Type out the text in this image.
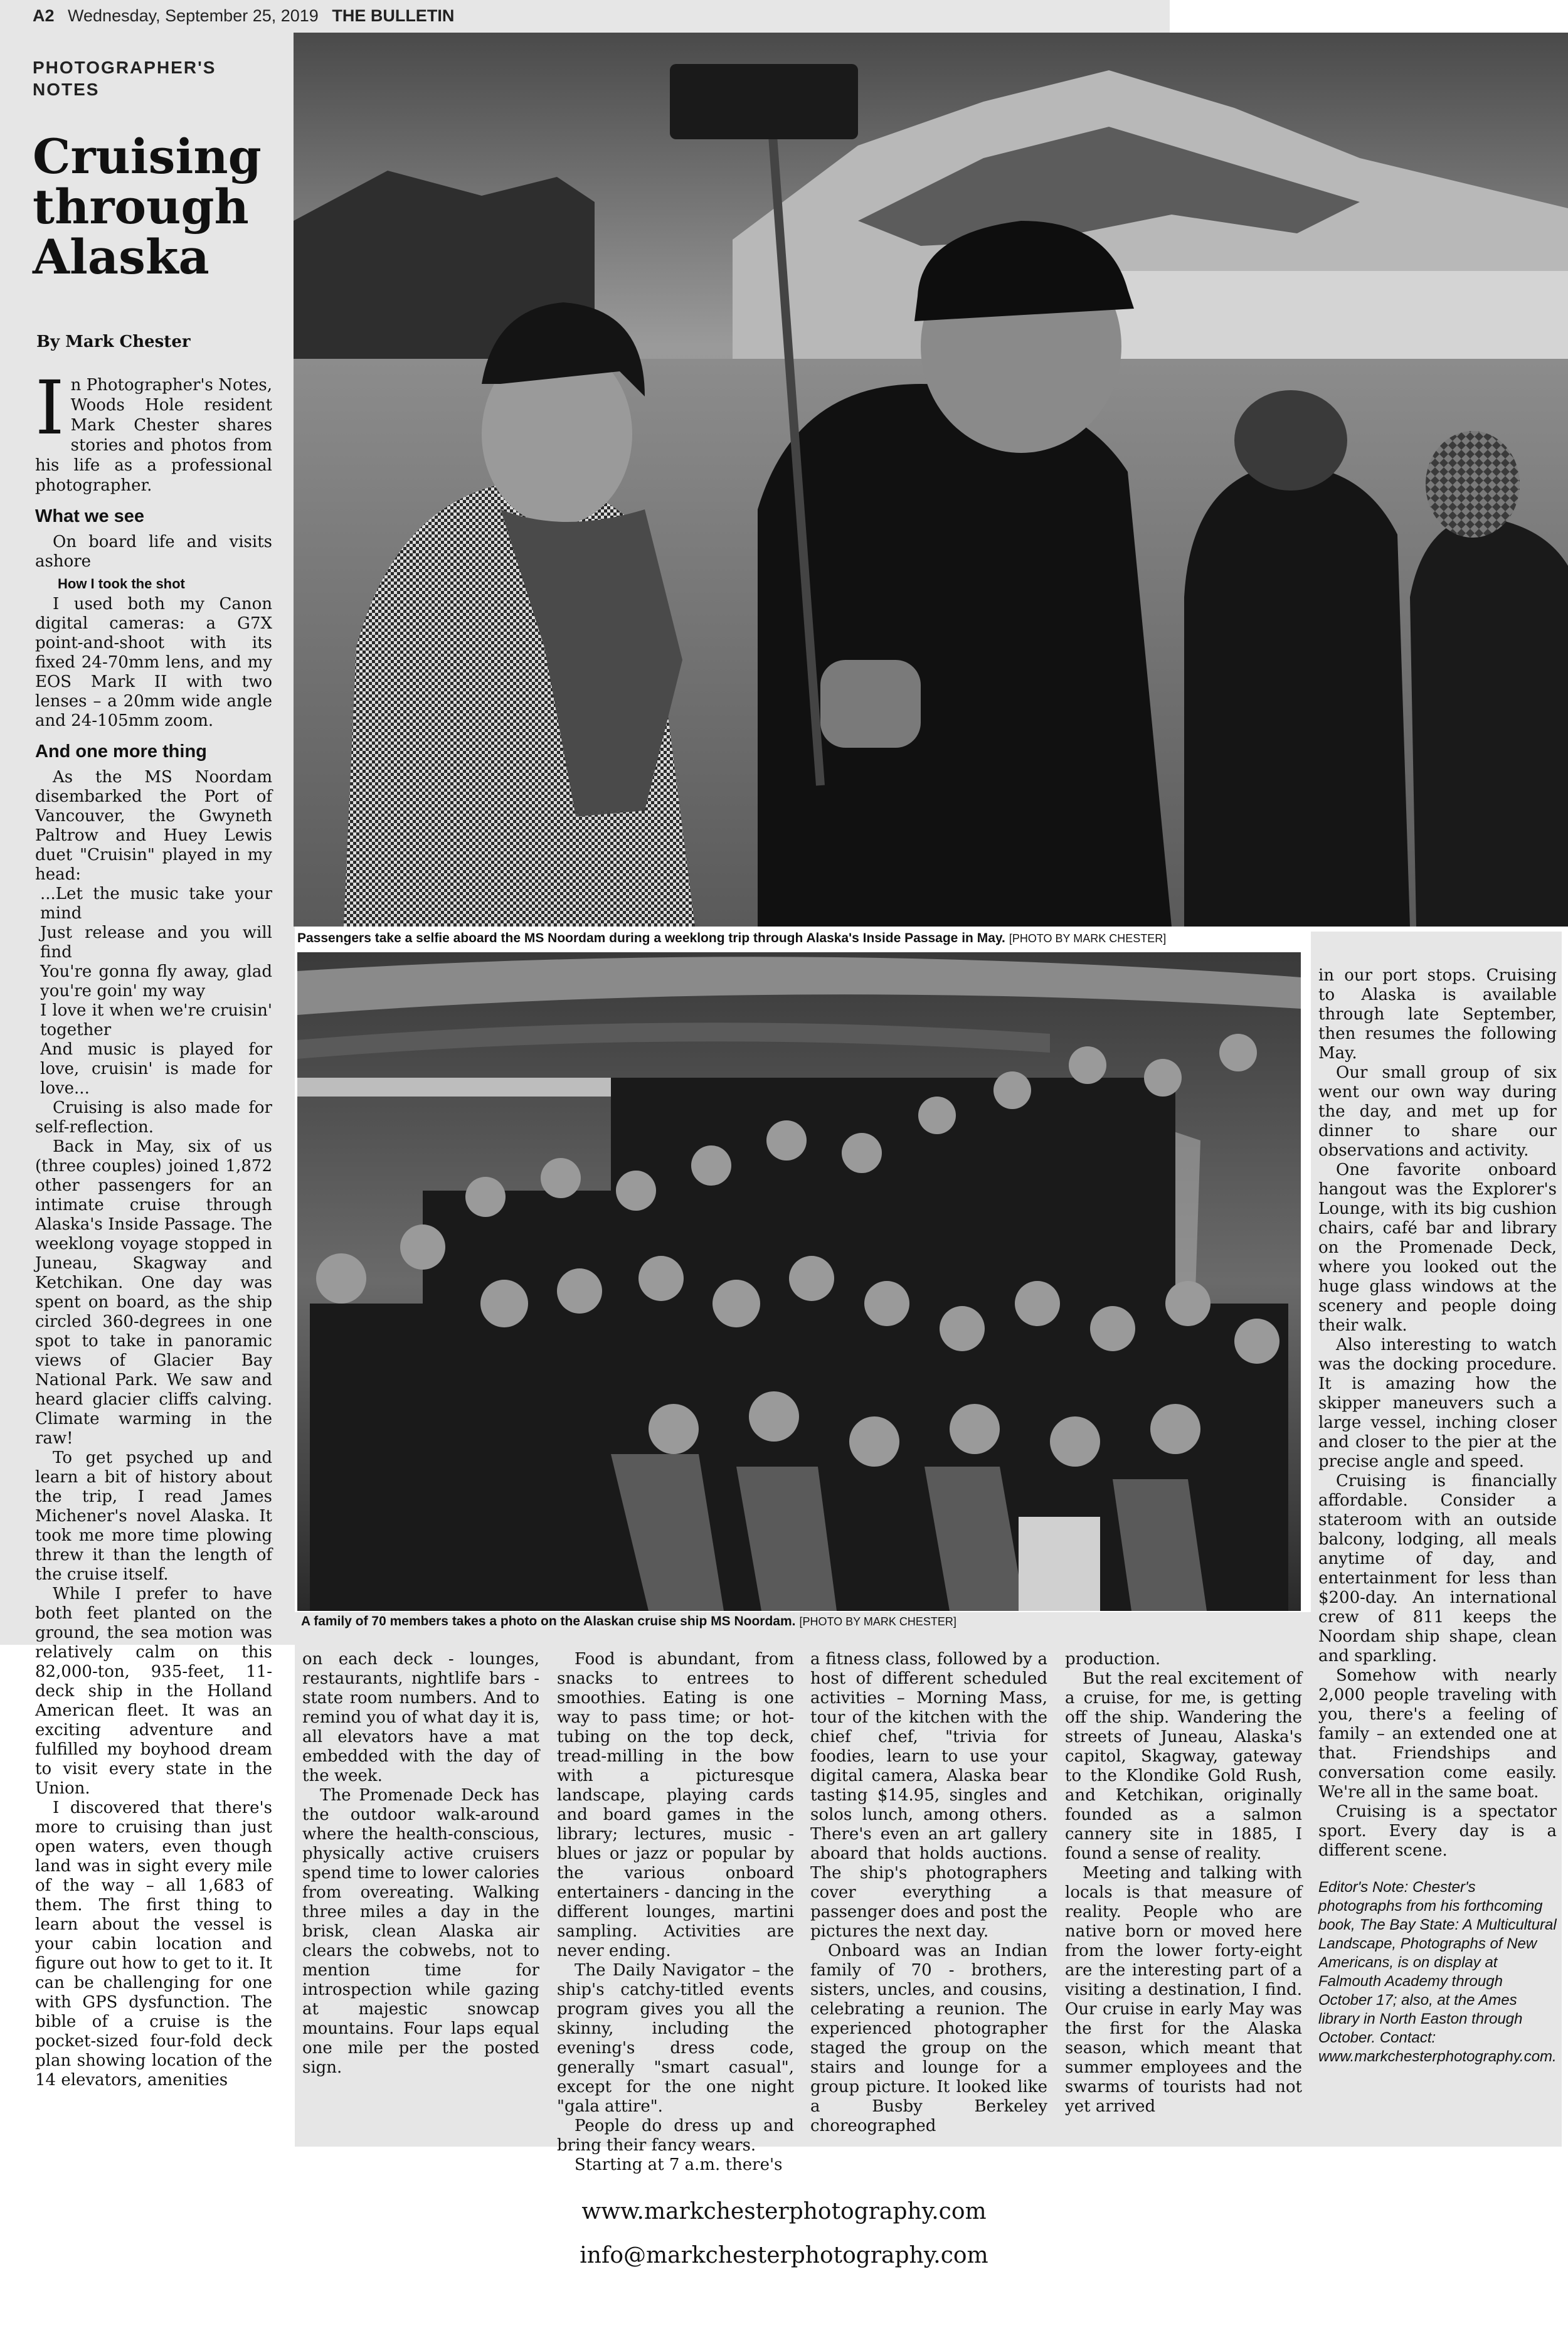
A2 Wednesday, September 25, 2019 THE BULLETIN
PHOTOGRAPHER'S NOTES
Cruising through Alaska
By Mark Chester
I n Photographer's Notes, Woods Hole resident Mark Chester shares stories and photos from his life as a professional photographer.
What we see

On board life and visits ashore

How I took the shot

I used both my Canon digital cameras: a G7X point-and-shoot with its fixed 24-70mm lens, and my EOS Mark II with two lenses – a 20mm wide angle and 24-105mm zoom.

And one more thing

As the MS Noordam disembarked the Port of Vancouver, the Gwyneth Paltrow and Huey Lewis duet "Cruisin" played in my head:

...Let the music take your mind

Just release and you will find

You're gonna fly away, glad you're goin' my way

I love it when we're cruisin' together

And music is played for love, cruisin' is made for love...

Cruising is also made for self-reflection.

Back in May, six of us (three couples) joined 1,872 other passengers for an intimate cruise through Alaska's Inside Passage. The weeklong voyage stopped in Juneau, Skagway and Ketchikan. One day was spent on board, as the ship circled 360-degrees in one spot to take in panoramic views of Glacier Bay National Park. We saw and heard glacier cliffs calving. Climate warming in the raw!

To get psyched up and learn a bit of history about the trip, I read James Michener's novel Alaska. It took me more time plowing threw it than the length of the cruise itself.

While I prefer to have both feet planted on the ground, the sea motion was relatively calm on this 82,000-ton, 935-feet, 11-deck ship in the Holland American fleet. It was an exciting adventure and fulfilled my boyhood dream to visit every state in the Union.

I discovered that there's more to cruising than just open waters, even though land was in sight every mile of the way – all 1,683 of them. The first thing to learn about the vessel is your cabin location and figure out how to get to it. It can be challenging for one with GPS dysfunction. The bible of a cruise is the pocket-sized four-fold deck plan showing location of the 14 elevators, amenities

Passengers take a selfie aboard the MS Noordam during a weeklong trip through Alaska's Inside Passage in May. [PHOTO BY MARK CHESTER]
A family of 70 members takes a photo on the Alaskan cruise ship MS Noordam. [PHOTO BY MARK CHESTER]

on each deck - lounges, restaurants, nightlife bars - state room numbers. And to remind you of what day it is, all elevators have a mat embedded with the day of the week.

The Promenade Deck has the outdoor walk-around where the health-conscious, physically active cruisers spend time to lower calories from overeating. Walking three miles a day in the brisk, clean Alaska air clears the cobwebs, not to mention time for introspection while gazing at majestic snowcap mountains. Four laps equal one mile per the posted sign.

Food is abundant, from snacks to entrees to smoothies. Eating is one way to pass time; or hot-tubing on the top deck, tread-milling in the bow with a picturesque landscape, playing cards and board games in the library; lectures, music - blues or jazz or popular by the various onboard entertainers - dancing in the different lounges, martini sampling. Activities are never ending.

The Daily Navigator – the ship's catchy-titled events program gives you all the skinny, including the evening's dress code, generally "smart casual", except for the one night "gala attire".

People do dress up and bring their fancy wears.

Starting at 7 a.m. there's

a fitness class, followed by a host of different scheduled activities – Morning Mass, tour of the kitchen with the chief chef, "trivia for foodies, learn to use your digital camera, Alaska bear tasting $14.95, singles and solos lunch, among others. There's even an art gallery aboard that holds auctions. The ship's photographers cover everything a passenger does and post the pictures the next day.

Onboard was an Indian family of 70 - brothers, sisters, uncles, and cousins, celebrating a reunion. The experienced photographer staged the group on the stairs and lounge for a group picture. It looked like a Busby Berkeley choreographed

production.

But the real excitement of a cruise, for me, is getting off the ship. Wandering the streets of Juneau, Alaska's capitol, Skagway, gateway to the Klondike Gold Rush, and Ketchikan, originally founded as a salmon cannery site in 1885, I found a sense of reality.

Meeting and talking with locals is that measure of reality. People who are native born or moved here from the lower forty-eight are the interesting part of a visiting a destination, I find. Our cruise in early May was the first for the Alaska season, which meant that summer employees and the swarms of tourists had not yet arrived

in our port stops. Cruising to Alaska is available through late September, then resumes the following May.

Our small group of six went our own way during the day, and met up for dinner to share our observations and activity.

One favorite onboard hangout was the Explorer's Lounge, with its big cushion chairs, café bar and library on the Promenade Deck, where you looked out the huge glass windows at the scenery and people doing their walk.

Also interesting to watch was the docking procedure. It is amazing how the skipper maneuvers such a large vessel, inching closer and closer to the pier at the precise angle and speed.

Cruising is financially affordable. Consider a stateroom with an outside balcony, lodging, all meals anytime of day, and entertainment for less than $200-day. An international crew of 811 keeps the Noordam ship shape, clean and sparkling.

Somehow with nearly 2,000 people traveling with you, there's a feeling of family – an extended one at that. Friendships and conversation come easily. We're all in the same boat.

Cruising is a spectator sport. Every day is a different scene.

Editor's Note: Chester's photographs from his forthcoming book, The Bay State: A Multicultural Landscape, Photographs of New Americans, is on display at Falmouth Academy through October 17; also, at the Ames library in North Easton through October. Contact: www.markchesterphotography.com.

www.markchesterphotography.com
info@markchesterphotography.com
